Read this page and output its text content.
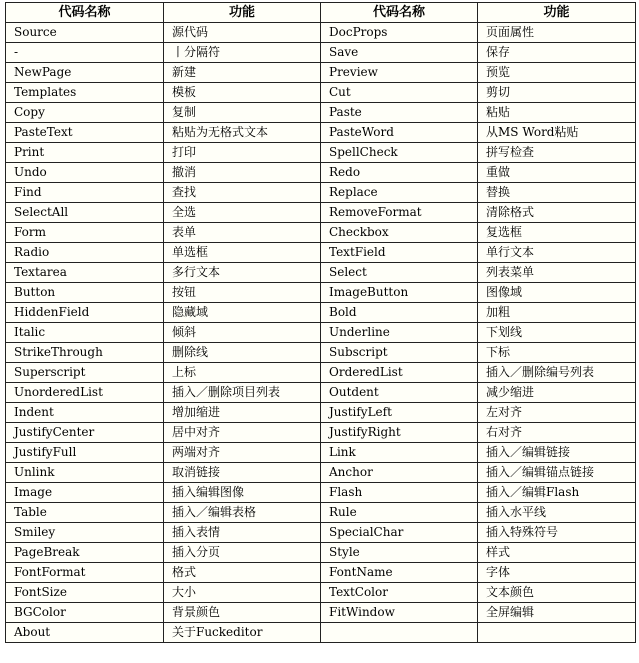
代码名称	功能	代码名称	功能
Source	源代码	DocProps	页面属性
-	丨分隔符	Save	保存
NewPage	新建	Preview	预览
Templates	模板	Cut	剪切
Copy	复制	Paste	粘贴
PasteText	粘贴为无格式文本	PasteWord	从MS Word粘贴
Print	打印	SpellCheck	拼写检查
Undo	撤消	Redo	重做
Find	查找	Replace	替换
SelectAll	全选	RemoveFormat	清除格式
Form	表单	Checkbox	复选框
Radio	单选框	TextField	单行文本
Textarea	多行文本	Select	列表菜单
Button	按钮	ImageButton	图像域
HiddenField	隐藏域	Bold	加粗
Italic	倾斜	Underline	下划线
StrikeThrough	删除线	Subscript	下标
Superscript	上标	OrderedList	插入／删除编号列表
UnorderedList	插入／删除项目列表	Outdent	减少缩进
Indent	增加缩进	JustifyLeft	左对齐
JustifyCenter	居中对齐	JustifyRight	右对齐
JustifyFull	两端对齐	Link	插入／编辑链接
Unlink	取消链接	Anchor	插入／编辑锚点链接
Image	插入编辑图像	Flash	插入／编辑Flash
Table	插入／编辑表格	Rule	插入水平线
Smiley	插入表情	SpecialChar	插入特殊符号
PageBreak	插入分页	Style	样式
FontFormat	格式	FontName	字体
FontSize	大小	TextColor	文本颜色
BGColor	背景颜色	FitWindow	全屏编辑
About	关于Fuckeditor		
